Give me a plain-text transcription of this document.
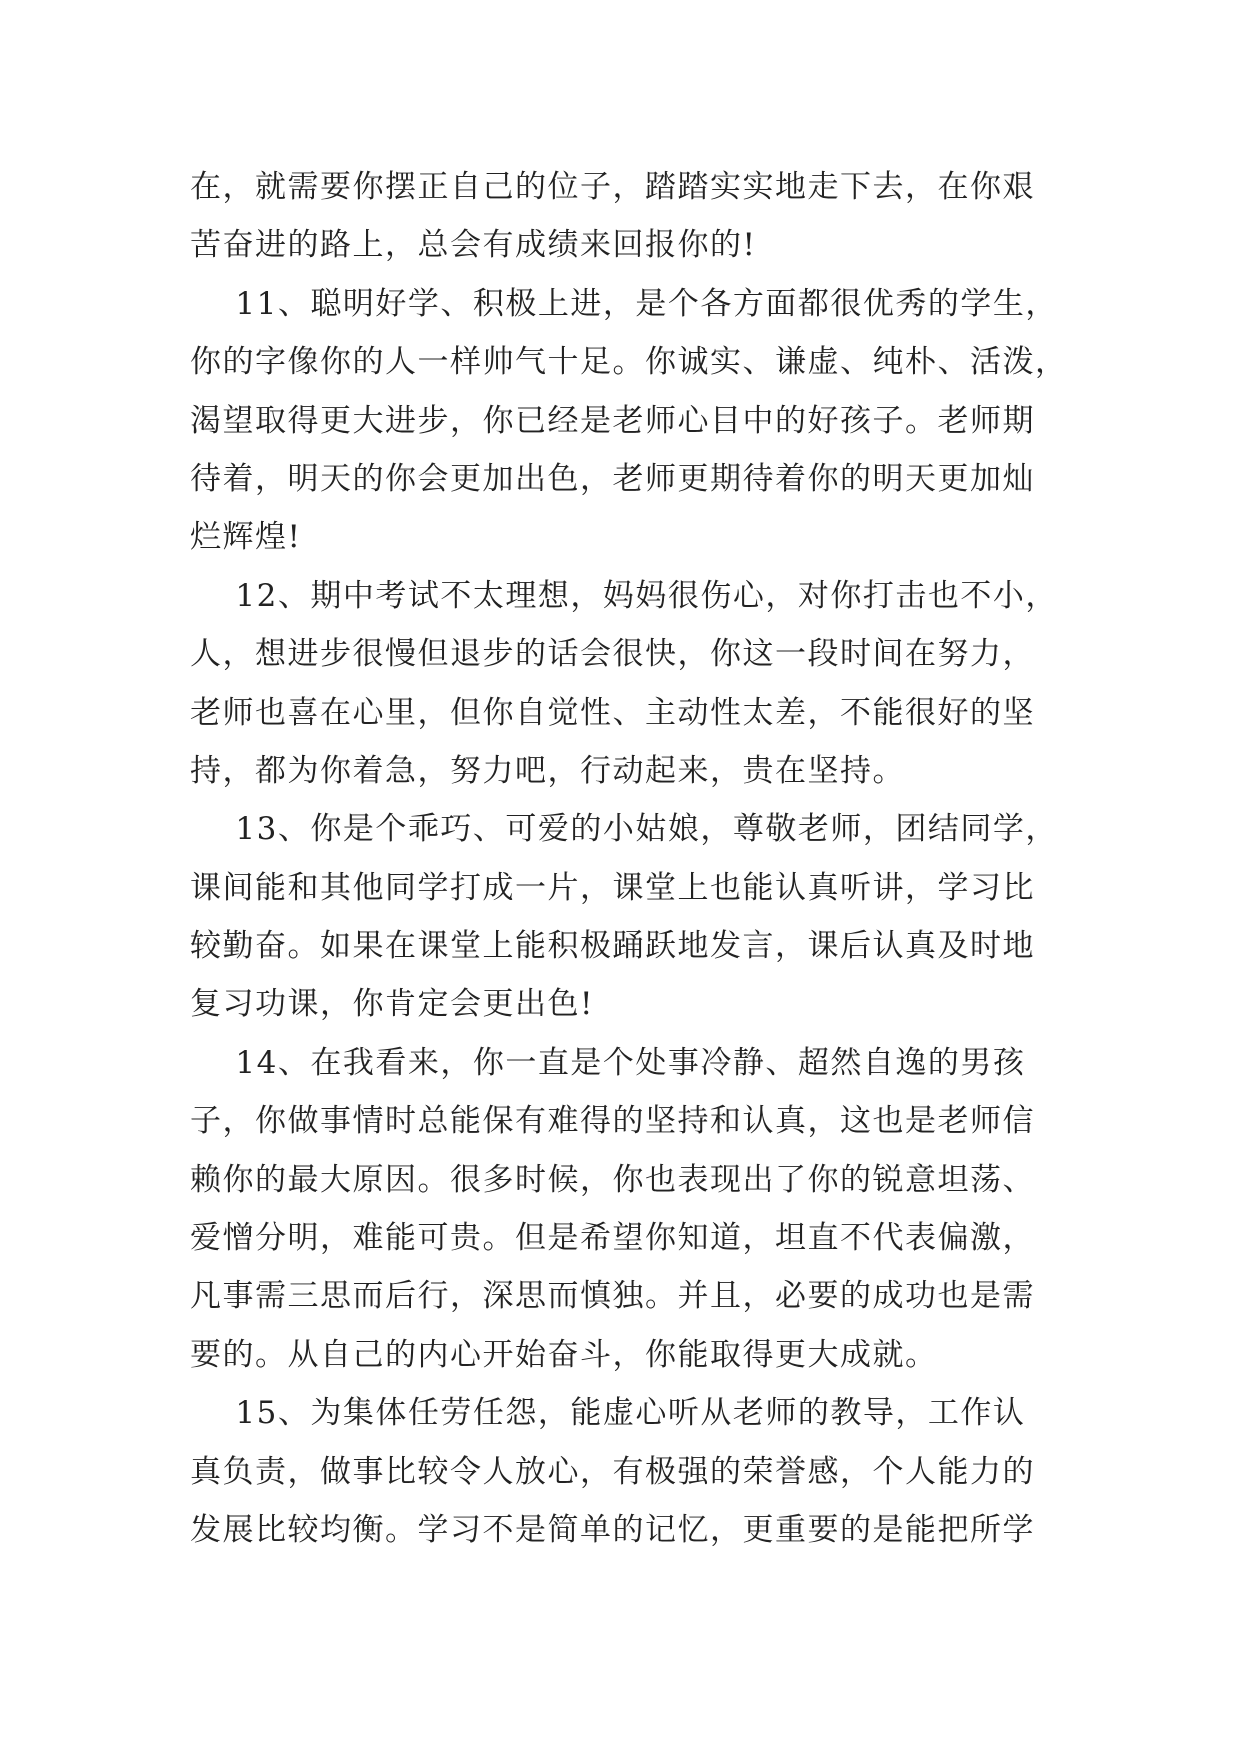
在，就需要你摆正自己的位子，踏踏实实地走下去，在你艰
苦奋进的路上，总会有成绩来回报你的!
11、聪明好学、积极上进，是个各方面都很优秀的学生，
你的字像你的人一样帅气十足。你诚实、谦虚、纯朴、活泼，
渴望取得更大进步，你已经是老师心目中的好孩子。老师期
待着，明天的你会更加出色，老师更期待着你的明天更加灿
烂辉煌!
12、期中考试不太理想，妈妈很伤心，对你打击也不小，
人，想进步很慢但退步的话会很快，你这一段时间在努力，
老师也喜在心里，但你自觉性、主动性太差，不能很好的坚
持，都为你着急，努力吧，行动起来，贵在坚持。
13、你是个乖巧、可爱的小姑娘，尊敬老师，团结同学，
课间能和其他同学打成一片，课堂上也能认真听讲，学习比
较勤奋。如果在课堂上能积极踊跃地发言，课后认真及时地
复习功课，你肯定会更出色!
14、在我看来，你一直是个处事冷静、超然自逸的男孩
子，你做事情时总能保有难得的坚持和认真，这也是老师信
赖你的最大原因。很多时候，你也表现出了你的锐意坦荡、
爱憎分明，难能可贵。但是希望你知道，坦直不代表偏激，
凡事需三思而后行，深思而慎独。并且，必要的成功也是需
要的。从自己的内心开始奋斗，你能取得更大成就。
15、为集体任劳任怨，能虚心听从老师的教导，工作认
真负责，做事比较令人放心，有极强的荣誉感，个人能力的
发展比较均衡。学习不是简单的记忆，更重要的是能把所学
